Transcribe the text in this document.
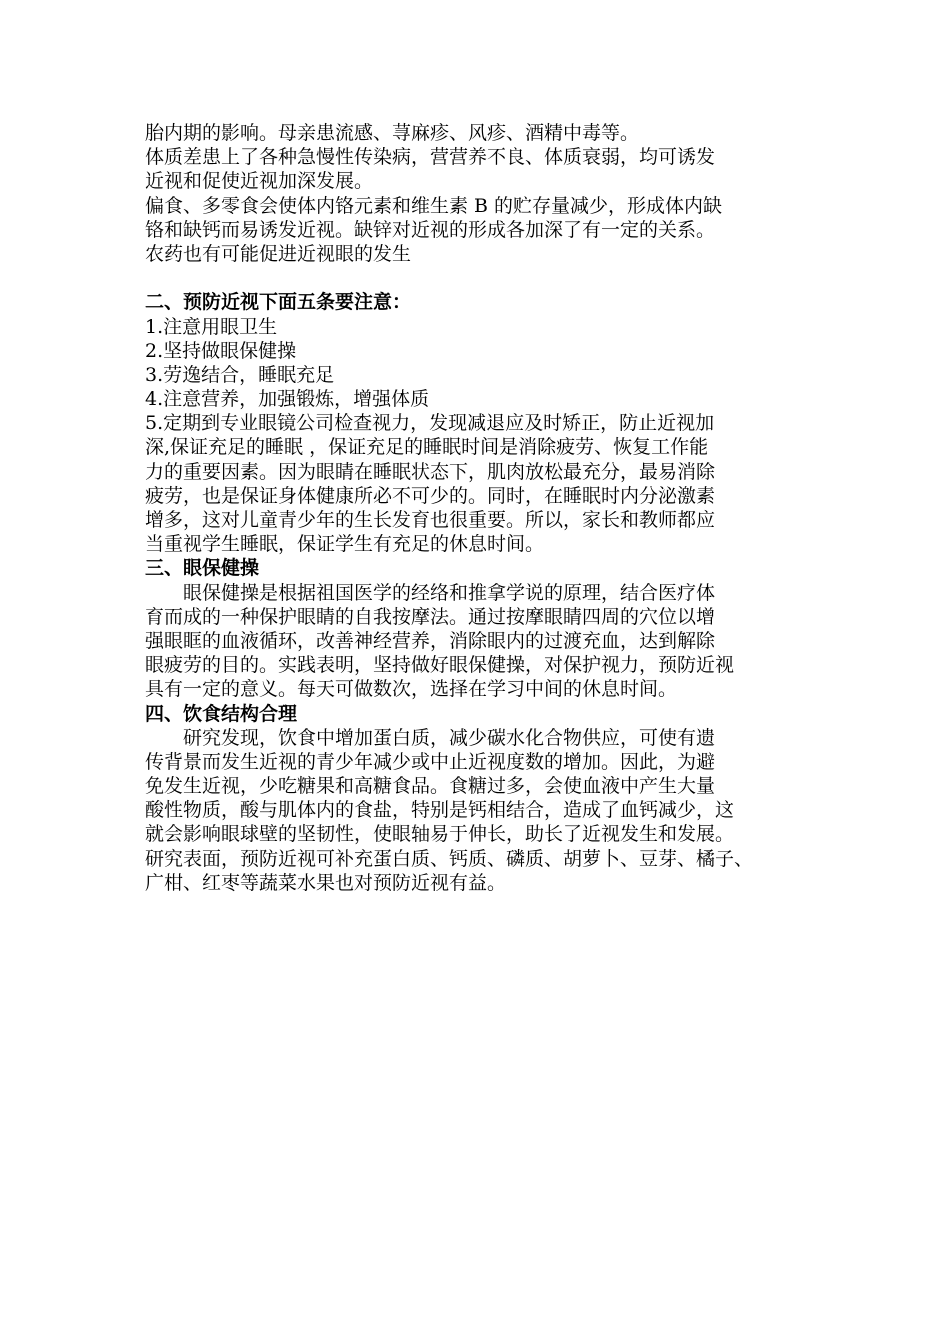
胎内期的影响。母亲患流感、荨麻疹、风疹、酒精中毒等。
体质差患上了各种急慢性传染病，营营养不良、体质衰弱，均可诱发
近视和促使近视加深发展。
偏食、多零食会使体内铬元素和维生素 B 的贮存量减少，形成体内缺
铬和缺钙而易诱发近视。缺锌对近视的形成各加深了有一定的关系。
农药也有可能促进近视眼的发生
二、预防近视下面五条要注意：
1.注意用眼卫生
2.坚持做眼保健操
3.劳逸结合，睡眠充足
4.注意营养，加强锻炼，增强体质
5.定期到专业眼镜公司检查视力，发现减退应及时矫正，防止近视加
深,保证充足的睡眠 ，保证充足的睡眠时间是消除疲劳、恢复工作能
力的重要因素。因为眼睛在睡眠状态下，肌肉放松最充分，最易消除
疲劳，也是保证身体健康所必不可少的。同时，在睡眠时内分泌激素
增多，这对儿童青少年的生长发育也很重要。所以，家长和教师都应
当重视学生睡眠，保证学生有充足的休息时间。
三、眼保健操
眼保健操是根据祖国医学的经络和推拿学说的原理，结合医疗体
育而成的一种保护眼睛的自我按摩法。通过按摩眼睛四周的穴位以增
强眼眶的血液循环，改善神经营养，消除眼内的过渡充血，达到解除
眼疲劳的目的。实践表明，坚持做好眼保健操，对保护视力，预防近视
具有一定的意义。每天可做数次，选择在学习中间的休息时间。
四、饮食结构合理
研究发现，饮食中增加蛋白质，减少碳水化合物供应，可使有遗
传背景而发生近视的青少年减少或中止近视度数的增加。因此，为避
免发生近视，少吃糖果和高糖食品。食糖过多，会使血液中产生大量
酸性物质，酸与肌体内的食盐，特别是钙相结合，造成了血钙减少，这
就会影响眼球壁的坚韧性，使眼轴易于伸长，助长了近视发生和发展。
研究表面，预防近视可补充蛋白质、钙质、磷质、胡萝卜、豆芽、橘子、
广柑、红枣等蔬菜水果也对预防近视有益。
